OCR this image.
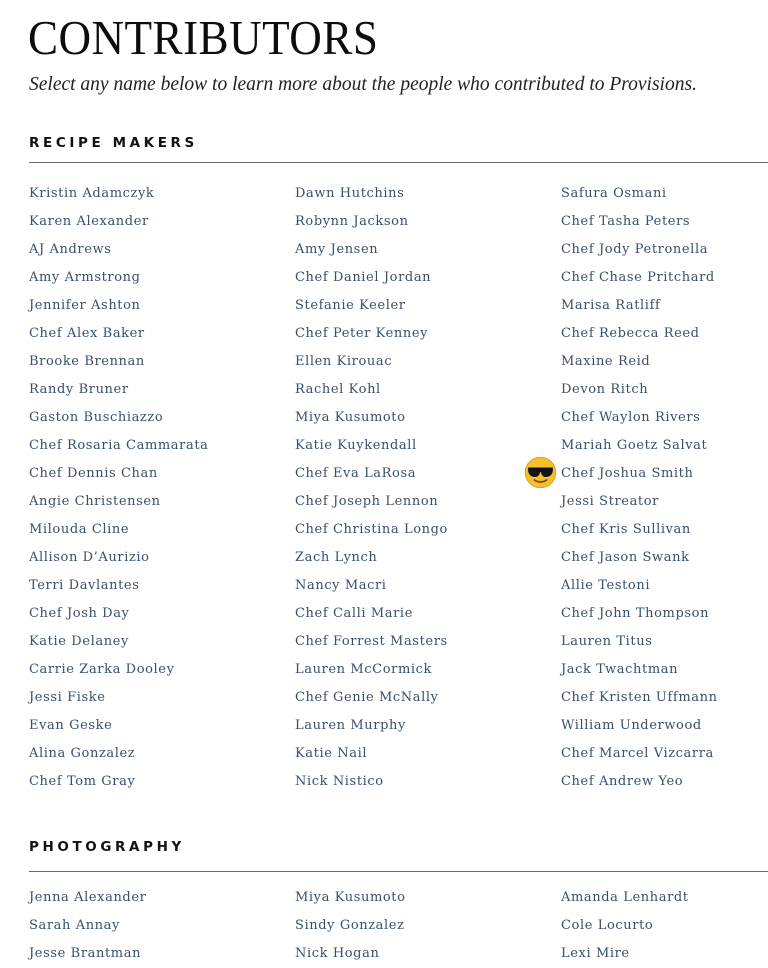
CONTRIBUTORS

Select any name below to learn more about the people who contributed to Provisions.

RECIPE MAKERS
Kristin Adamczyk
Karen Alexander
AJ Andrews
Amy Armstrong
Jennifer Ashton
Chef Alex Baker
Brooke Brennan
Randy Bruner
Gaston Buschiazzo
Chef Rosaria Cammarata
Chef Dennis Chan
Angie Christensen
Milouda Cline
Allison D’Aurizio
Terri Davlantes
Chef Josh Day
Katie Delaney
Carrie Zarka Dooley
Jessi Fiske
Evan Geske
Alina Gonzalez
Chef Tom Gray
Dawn Hutchins
Robynn Jackson
Amy Jensen
Chef Daniel Jordan
Stefanie Keeler
Chef Peter Kenney
Ellen Kirouac
Rachel Kohl
Miya Kusumoto
Katie Kuykendall
Chef Eva LaRosa
Chef Joseph Lennon
Chef Christina Longo
Zach Lynch
Nancy Macri
Chef Calli Marie
Chef Forrest Masters
Lauren McCormick
Chef Genie McNally
Lauren Murphy
Katie Nail
Nick Nistico
Safura Osmani
Chef Tasha Peters
Chef Jody Petronella
Chef Chase Pritchard
Marisa Ratliff
Chef Rebecca Reed
Maxine Reid
Devon Ritch
Chef Waylon Rivers
Mariah Goetz Salvat
Chef Joshua Smith
Jessi Streator
Chef Kris Sullivan
Chef Jason Swank
Allie Testoni
Chef John Thompson
Lauren Titus
Jack Twachtman
Chef Kristen Uffmann
William Underwood
Chef Marcel Vizcarra
Chef Andrew Yeo
PHOTOGRAPHY
Jenna Alexander
Sarah Annay
Jesse Brantman
Miya Kusumoto
Sindy Gonzalez
Nick Hogan
Amanda Lenhardt
Cole Locurto
Lexi Mire
